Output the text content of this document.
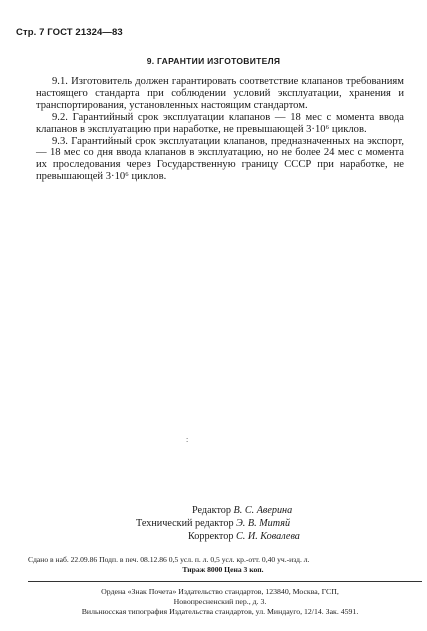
Стр. 7 ГОСТ 21324—83
9. ГАРАНТИИ ИЗГОТОВИТЕЛЯ

9.1. Изготовитель должен гарантировать соответствие клапанов требованиям настоящего стандарта при соблюдении условий эксплуатации, хранения и транспортирования, установленных настоящим стандартом.

9.2. Гарантийный срок эксплуатации клапанов — 18 мес с момента ввода клапанов в эксплуатацию при наработке, не превышающей 3·10⁶ циклов.

9.3. Гарантийный срок эксплуатации клапанов, предназначенных на экспорт, — 18 мес со дня ввода клапанов в эксплуатацию, но не более 24 мес с момента их проследования через Государственную границу СССР при наработке, не превышающей 3·10⁶ циклов.

:
Редактор В. С. Аверина
Технический редактор Э. В. Митяй
Корректор С. И. Ковалева
Сдано в наб. 22.09.86 Подп. в печ. 08.12.86 0,5 усл. п. л. 0,5 усл. кр.-отт. 0,40 уч.-изд. л.
Тираж 8000 Цена 3 коп.
Ордена «Знак Почета» Издательство стандартов, 123840, Москва, ГСП,
Новопресненский пер., д. 3.
Вильнюсская типография Издательства стандартов, ул. Миндауго, 12/14. Зак. 4591.
